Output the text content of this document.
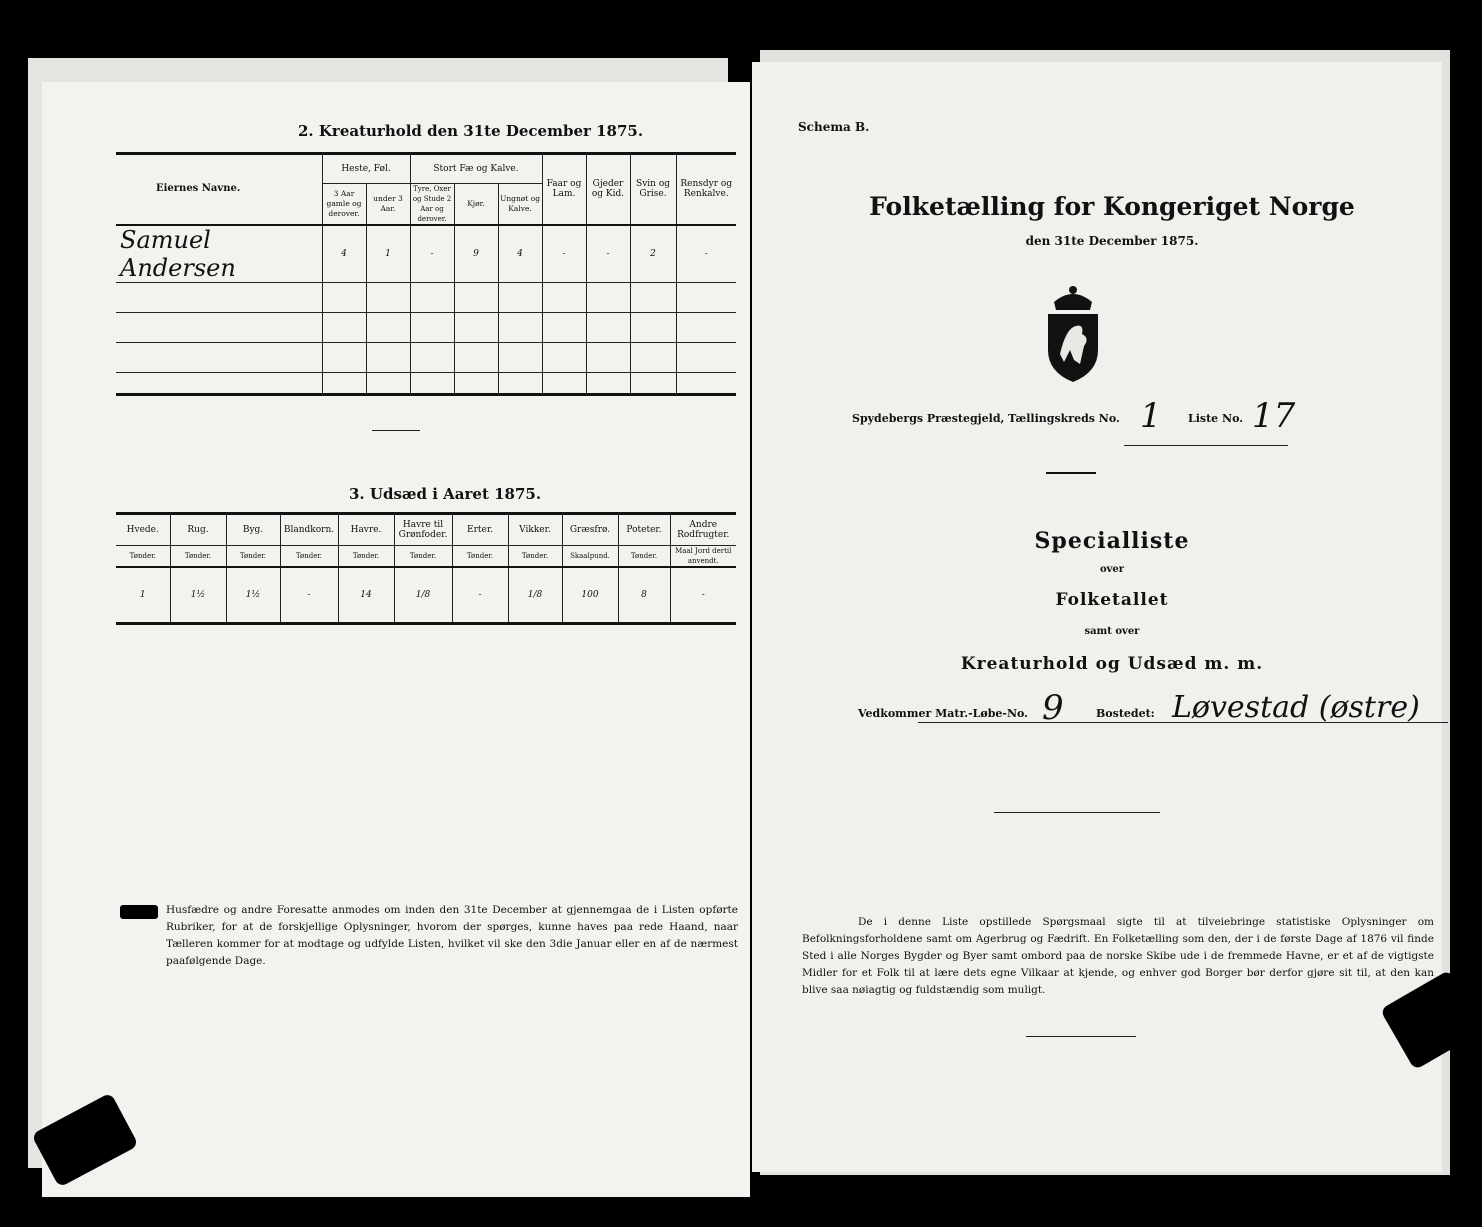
2. Kreaturhold den 31te December 1875.
Eiernes Navne.	Heste, Føl.		Stort Fæ og Kalve.			Faar og Lam.	Gjeder og Kid.	Svin og Grise.	Rensdyr og Renkalve.
	3 Aar gamle og derover.	under 3 Aar.	Tyre, Oxer og Stude 2 Aar og derover.	Kjør.	Ungnøt og Kalve.				
Samuel Andersen	4	1	-	9	4	-	-	2	-

3. Udsæd i Aaret 1875.
Hvede.	Rug.	Byg.	Blandkorn.	Havre.	Havre til Grønfoder.	Erter.	Vikker.	Græsfrø.	Poteter.	Andre Rodfrugter.
Tønder.	Tønder.	Tønder.	Tønder.	Tønder.	Tønder.	Tønder.	Tønder.	Skaalpund.	Tønder.	Maal Jord dertil anvendt.
1	1½	1½	-	14	1/8	-	1/8	100	8	-
Husfædre og andre Foresatte anmodes om inden den 31te December at gjennemgaa de i Listen opførte Rubriker, for at de forskjellige Oplysninger, hvorom der spørges, kunne haves paa rede Haand, naar Tælleren kommer for at modtage og udfylde Listen, hvilket vil ske den 3die Januar eller en af de nærmest paafølgende Dage.
Schema B.
Folketælling for Kongeriget Norge
den 31te December 1875.
Spydebergs Præstegjeld, Tællingskreds No. 1 Liste No. 17
Specialliste
over
Folketallet
samt over
Kreaturhold og Udsæd m. m.
Vedkommer Matr.-Løbe-No. 9	Bostedet: Løvestad (østre)
De i denne Liste opstillede Spørgsmaal sigte til at tilveiebringe statistiske Oplysninger om Befolkningsforholdene samt om Agerbrug og Fædrift. En Folketælling som den, der i de første Dage af 1876 vil finde Sted i alle Norges Bygder og Byer samt ombord paa de norske Skibe ude i de fremmede Havne, er et af de vigtigste Midler for et Folk til at lære dets egne Vilkaar at kjende, og enhver god Borger bør derfor gjøre sit til, at den kan blive saa nøiagtig og fuldstændig som muligt.
